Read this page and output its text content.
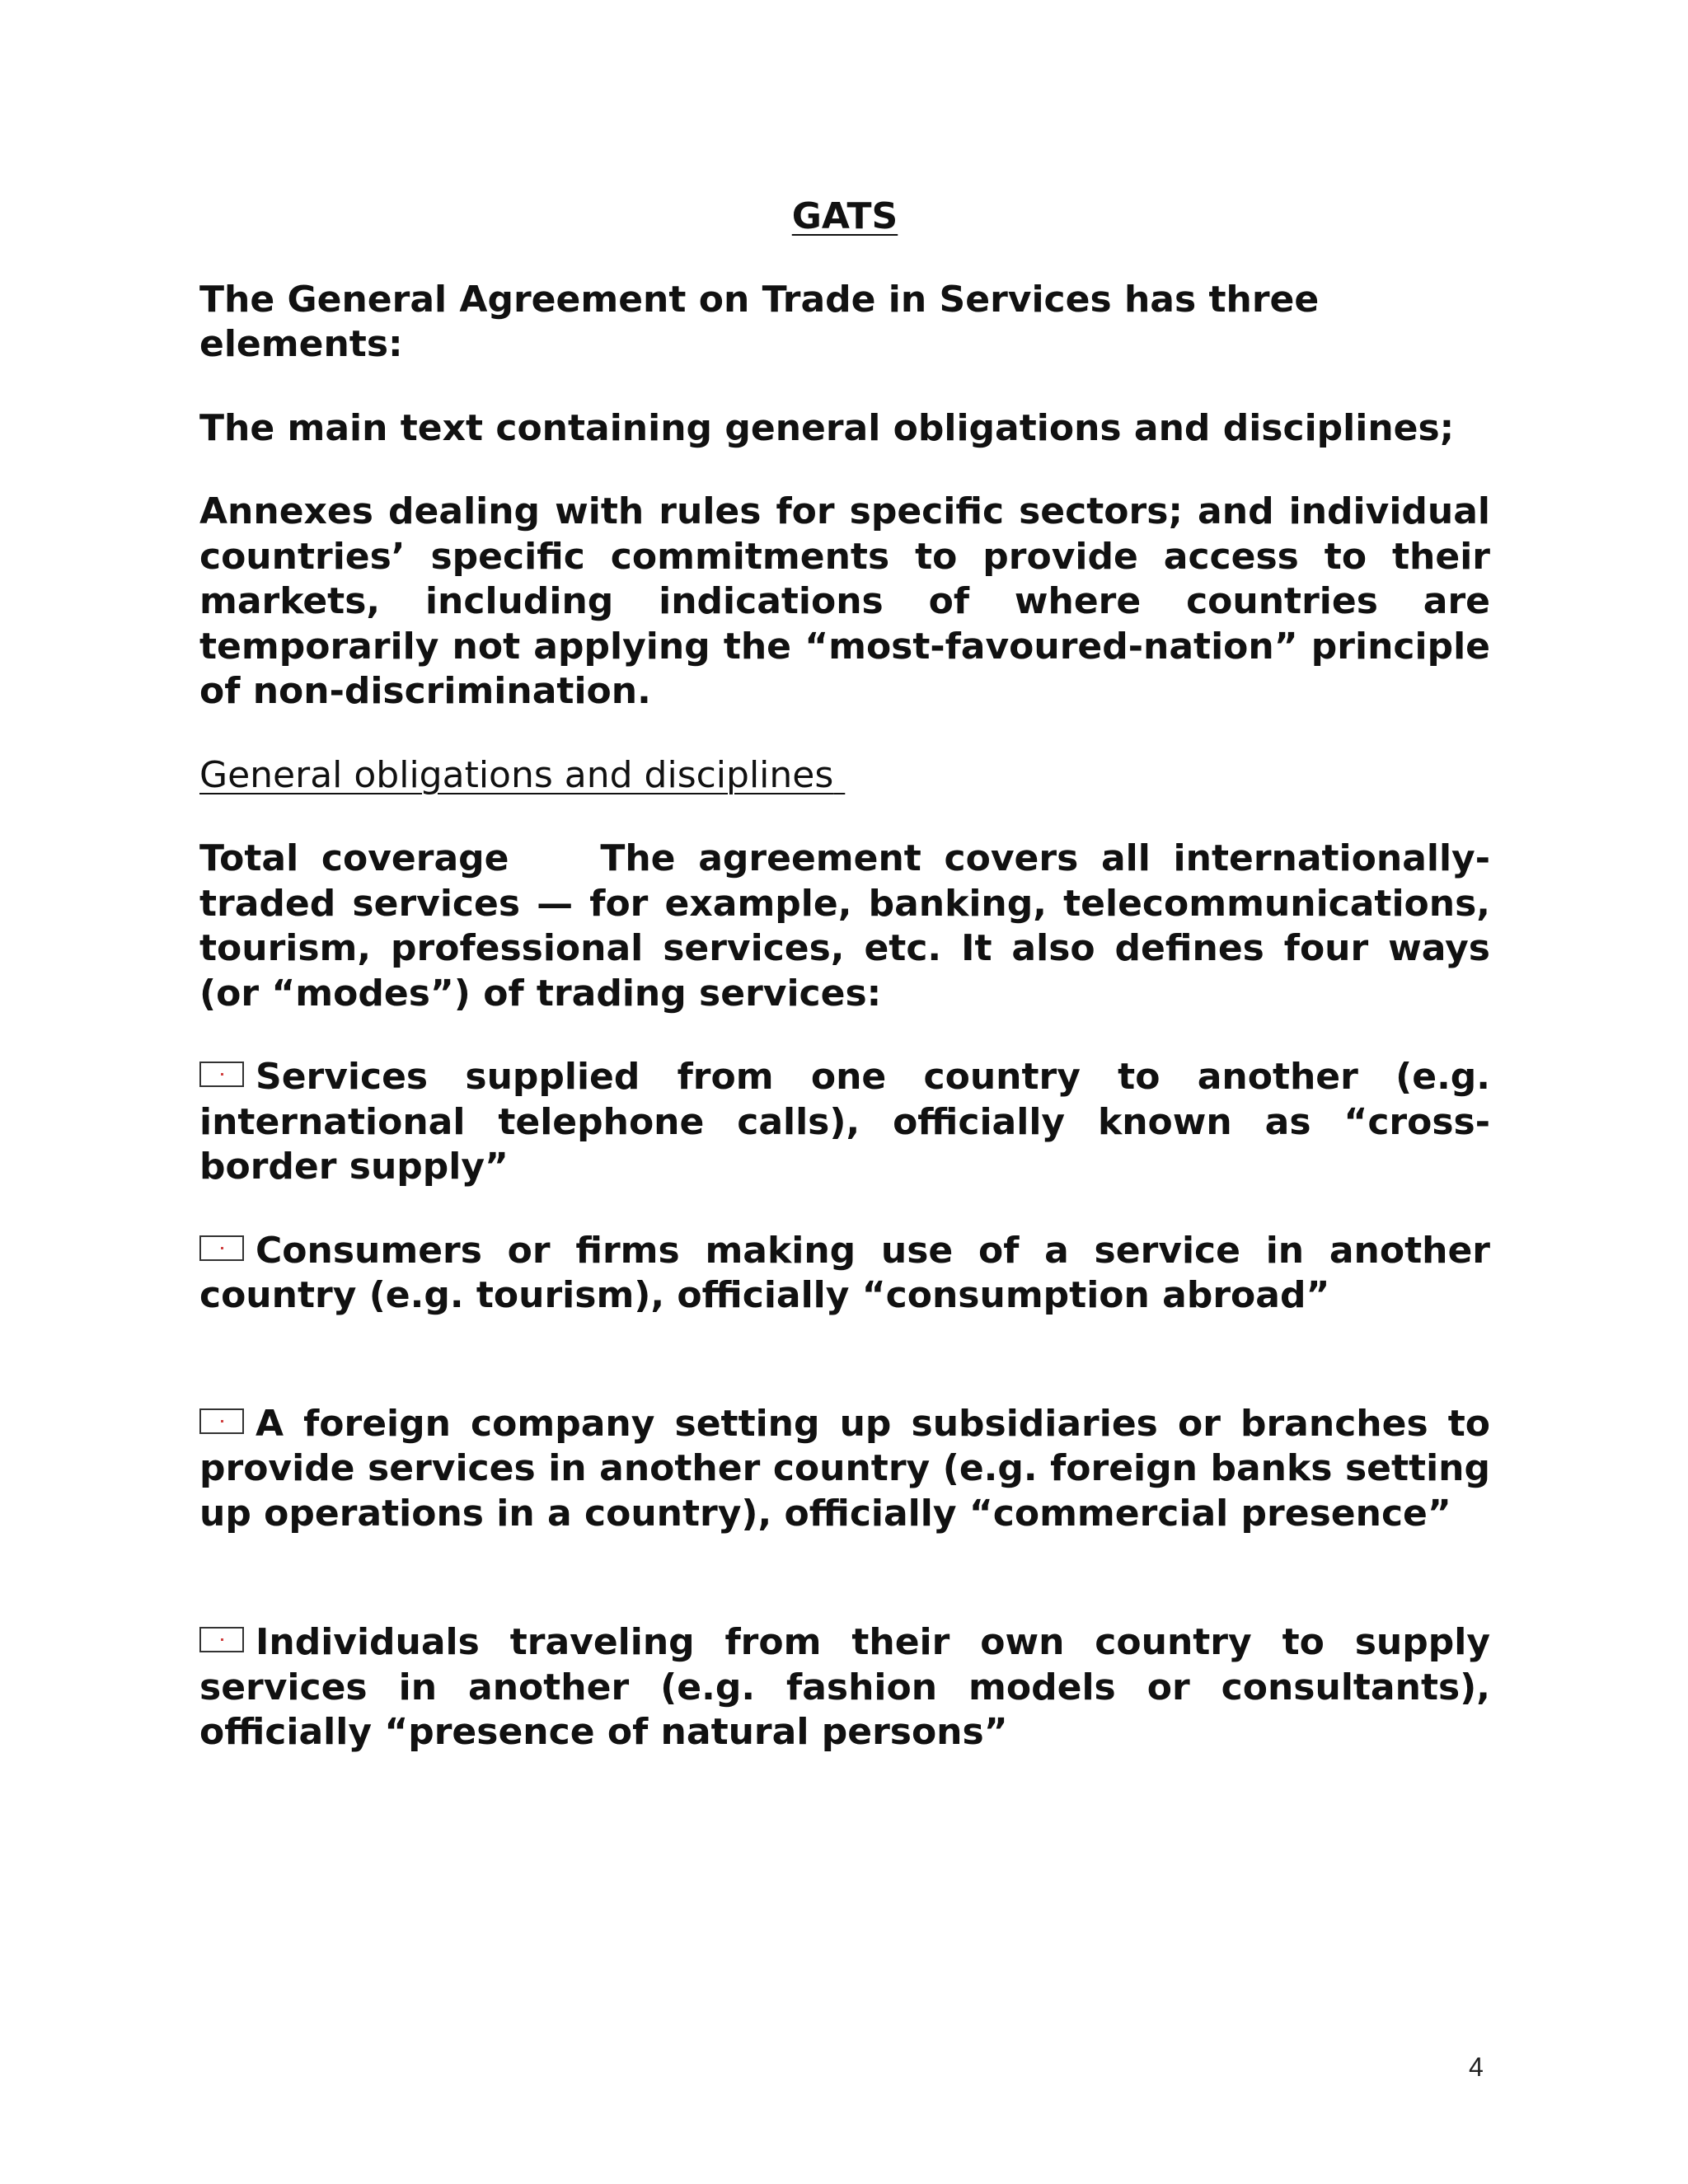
GATS

The General Agreement on Trade in Services has three elements:

The main text containing general obligations and disciplines;

Annexes dealing with rules for specific sectors; and individual countries’ specific commitments to provide access to their markets, including indications of where countries are temporarily not applying the “most-favoured-nation” principle of non-discrimination.

General obligations and disciplines

Total coverage	The agreement covers all internationally-traded services — for example, banking, telecommunications, tourism, professional services, etc. It also defines four ways (or “modes”) of trading services:

Services supplied from one country to another (e.g. international telephone calls), officially known as “cross-border supply”

Consumers or firms making use of a service in another country (e.g. tourism), officially “consumption abroad”

A foreign company setting up subsidiaries or branches to provide services in another country (e.g. foreign banks setting up operations in a country), officially “commercial presence”

Individuals traveling from their own country to supply services in another (e.g. fashion models or consultants), officially “presence of natural persons”

4
